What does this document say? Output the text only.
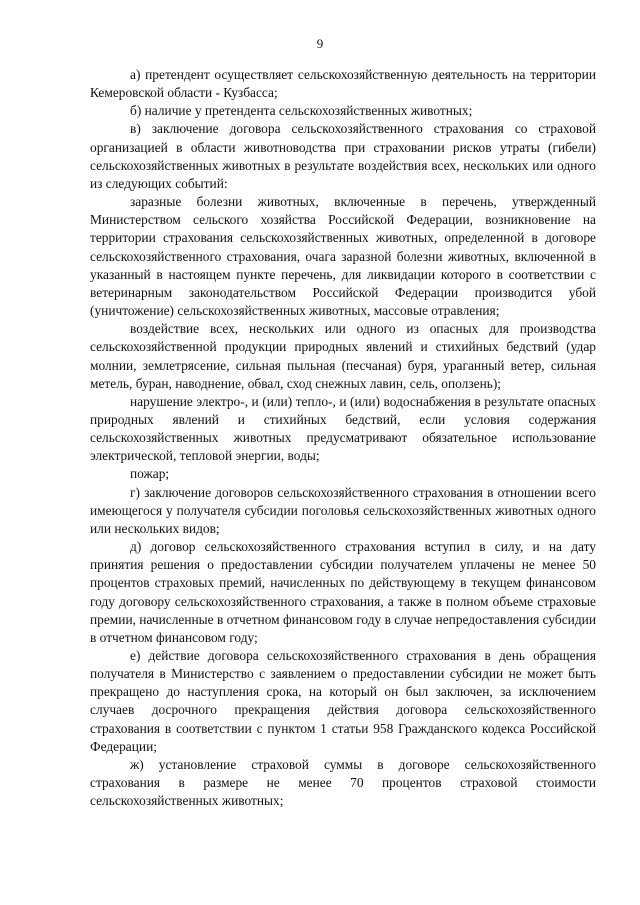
9

а) претендент осуществляет сельскохозяйственную деятельность на территории Кемеровской области - Кузбасса;

б) наличие у претендента сельскохозяйственных животных;

в) заключение договора сельскохозяйственного страхования со страховой организацией в области животноводства при страховании рисков утраты (гибели) сельскохозяйственных животных в результате воздействия всех, нескольких или одного из следующих событий:

заразные болезни животных, включенные в перечень, утвержденный Министерством сельского хозяйства Российской Федерации, возникновение на территории страхования сельскохозяйственных животных, определенной в договоре сельскохозяйственного страхования, очага заразной болезни животных, включенной в указанный в настоящем пункте перечень, для ликвидации которого в соответствии с ветеринарным законодательством Российской Федерации производится убой (уничтожение) сельскохозяйственных животных, массовые отравления;

воздействие всех, нескольких или одного из опасных для производства сельскохозяйственной продукции природных явлений и стихийных бедствий (удар молнии, землетрясение, сильная пыльная (песчаная) буря, ураганный ветер, сильная метель, буран, наводнение, обвал, сход снежных лавин, сель, оползень);

нарушение электро-, и (или) тепло-, и (или) водоснабжения в результате опасных природных явлений и стихийных бедствий, если условия содержания сельскохозяйственных животных предусматривают обязательное использование электрической, тепловой энергии, воды;

пожар;

г) заключение договоров сельскохозяйственного страхования в отношении всего имеющегося у получателя субсидии поголовья сельскохозяйственных животных одного или нескольких видов;

д) договор сельскохозяйственного страхования вступил в силу, и на дату принятия решения о предоставлении субсидии получателем уплачены не менее 50 процентов страховых премий, начисленных по действующему в текущем финансовом году договору сельскохозяйственного страхования, а также в полном объеме страховые премии, начисленные в отчетном финансовом году в случае непредоставления субсидии в отчетном финансовом году;

е) действие договора сельскохозяйственного страхования в день обращения получателя в Министерство с заявлением о предоставлении субсидии не может быть прекращено до наступления срока, на который он был заключен, за исключением случаев досрочного прекращения действия договора сельскохозяйственного страхования в соответствии с пунктом 1 статьи 958 Гражданского кодекса Российской Федерации;

ж) установление страховой суммы в договоре сельскохозяйственного страхования в размере не менее 70 процентов страховой стоимости сельскохозяйственных животных;
